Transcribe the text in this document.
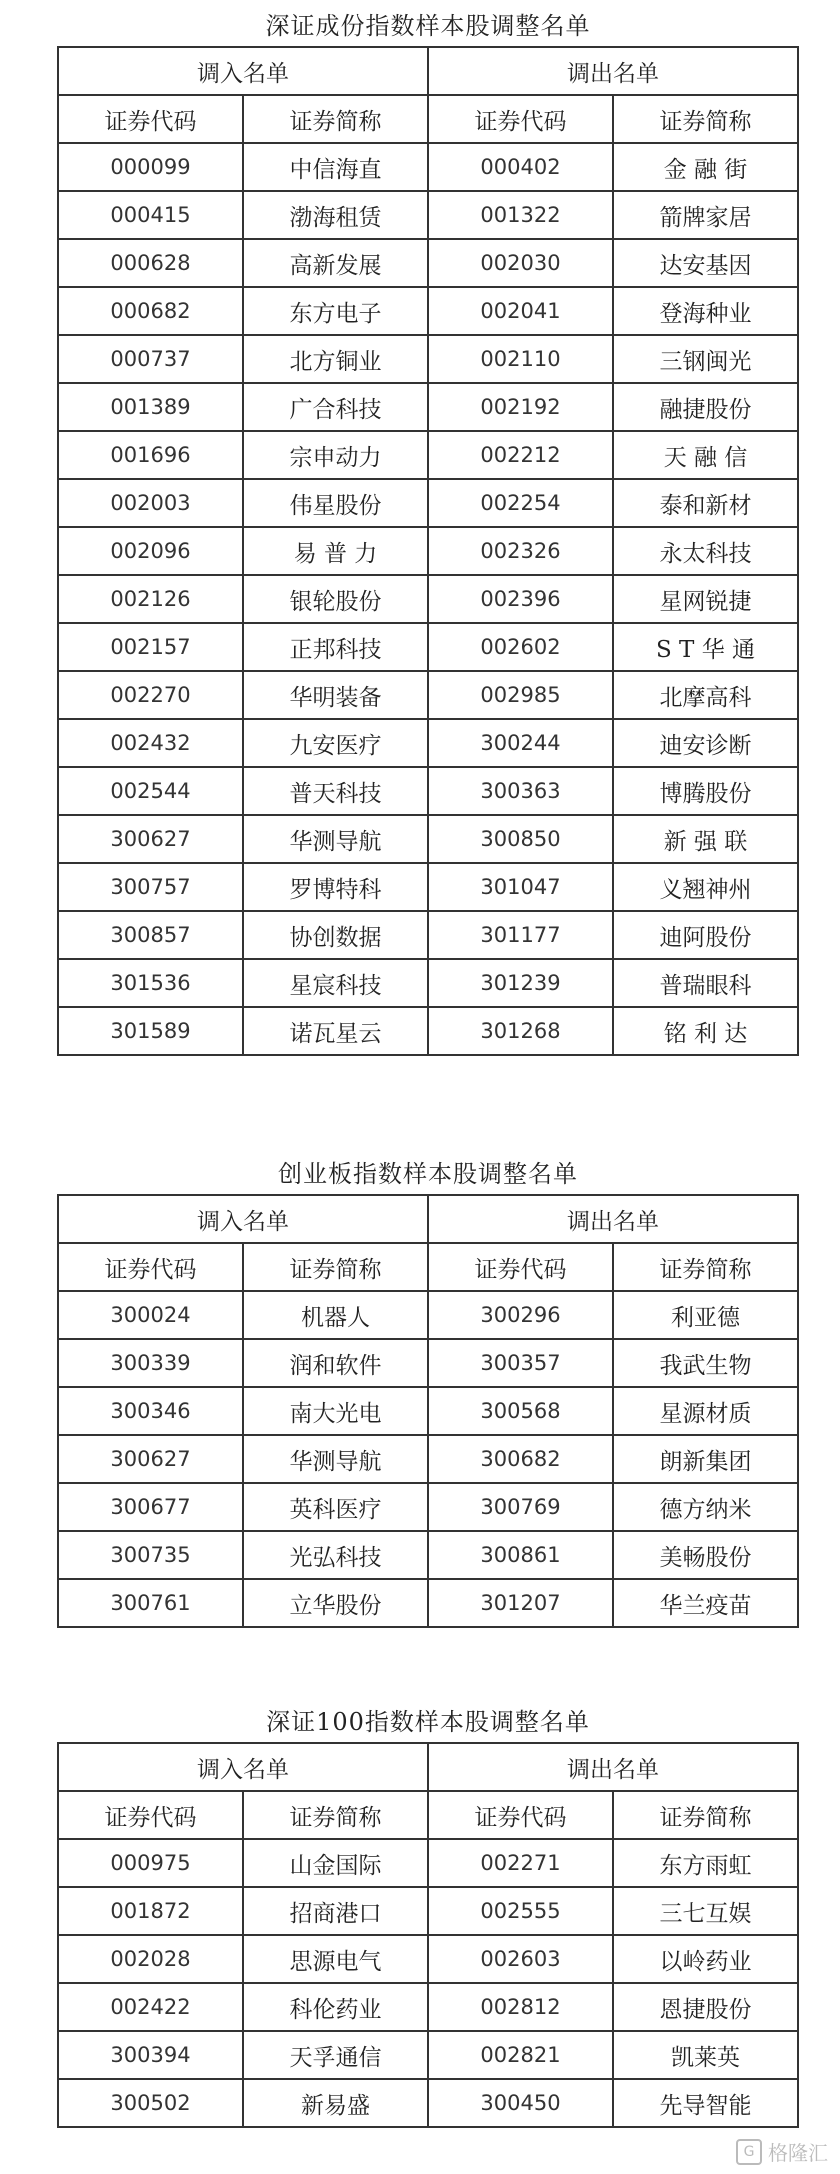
深证成份指数样本股调整名单
调入名单		调出名单	
证券代码	证券简称	证券代码	证券简称
000099	中信海直	000402	金 融 街
000415	渤海租赁	001322	箭牌家居
000628	高新发展	002030	达安基因
000682	东方电子	002041	登海种业
000737	北方铜业	002110	三钢闽光
001389	广合科技	002192	融捷股份
001696	宗申动力	002212	天 融 信
002003	伟星股份	002254	泰和新材
002096	易 普 力	002326	永太科技
002126	银轮股份	002396	星网锐捷
002157	正邦科技	002602	S T 华 通
002270	华明装备	002985	北摩高科
002432	九安医疗	300244	迪安诊断
002544	普天科技	300363	博腾股份
300627	华测导航	300850	新 强 联
300757	罗博特科	301047	义翘神州
300857	协创数据	301177	迪阿股份
301536	星宸科技	301239	普瑞眼科
301589	诺瓦星云	301268	铭 利 达
创业板指数样本股调整名单
调入名单		调出名单	
证券代码	证券简称	证券代码	证券简称
300024	机器人	300296	利亚德
300339	润和软件	300357	我武生物
300346	南大光电	300568	星源材质
300627	华测导航	300682	朗新集团
300677	英科医疗	300769	德方纳米
300735	光弘科技	300861	美畅股份
300761	立华股份	301207	华兰疫苗
深证100指数样本股调整名单
调入名单		调出名单	
证券代码	证券简称	证券代码	证券简称
000975	山金国际	002271	东方雨虹
001872	招商港口	002555	三七互娱
002028	思源电气	002603	以岭药业
002422	科伦药业	002812	恩捷股份
300394	天孚通信	002821	凯莱英
300502	新易盛	300450	先导智能
G 格隆汇
